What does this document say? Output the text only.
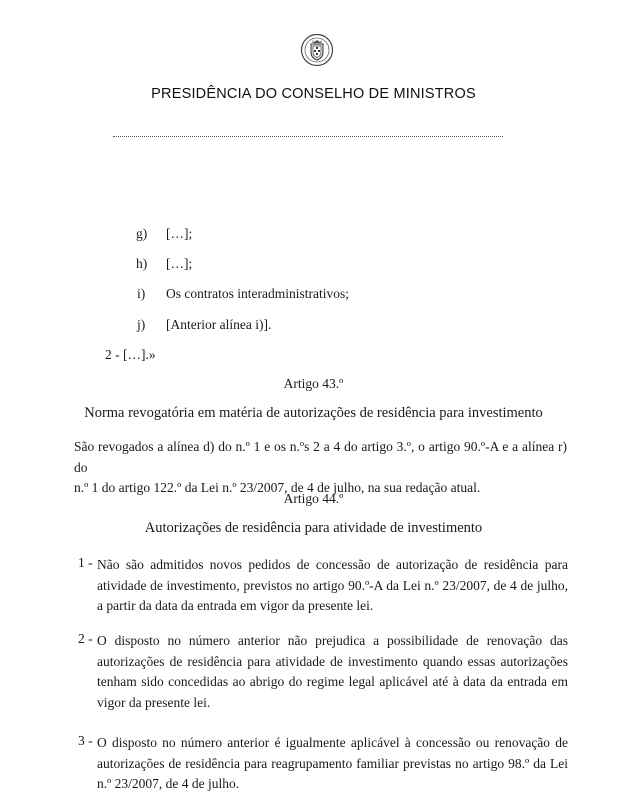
PRESIDÊNCIA DO CONSELHO DE MINISTROS
g) […];
h) […];
i) Os contratos interadministrativos;
j) [Anterior alínea i)].
2 - […].»
Artigo 43.º
Norma revogatória em matéria de autorizações de residência para investimento
São revogados a alínea d) do n.º 1 e os n.ºs 2 a 4 do artigo 3.º, o artigo 90.º-A e a alínea r) do
n.º 1 do artigo 122.º da Lei n.º 23/2007, de 4 de julho, na sua redação atual.
Artigo 44.º
Autorizações de residência para atividade de investimento
1 - Não são admitidos novos pedidos de concessão de autorização de residência para
atividade de investimento, previstos no artigo 90.º-A da Lei n.º 23/2007, de 4 de julho,
a partir da data da entrada em vigor da presente lei.
2 - O disposto no número anterior não prejudica a possibilidade de renovação das
autorizações de residência para atividade de investimento quando essas autorizações
tenham sido concedidas ao abrigo do regime legal aplicável até à data da entrada em
vigor da presente lei.
3 - O disposto no número anterior é igualmente aplicável à concessão ou renovação de
autorizações de residência para reagrupamento familiar previstas no artigo 98.º da Lei
n.º 23/2007, de 4 de julho.
